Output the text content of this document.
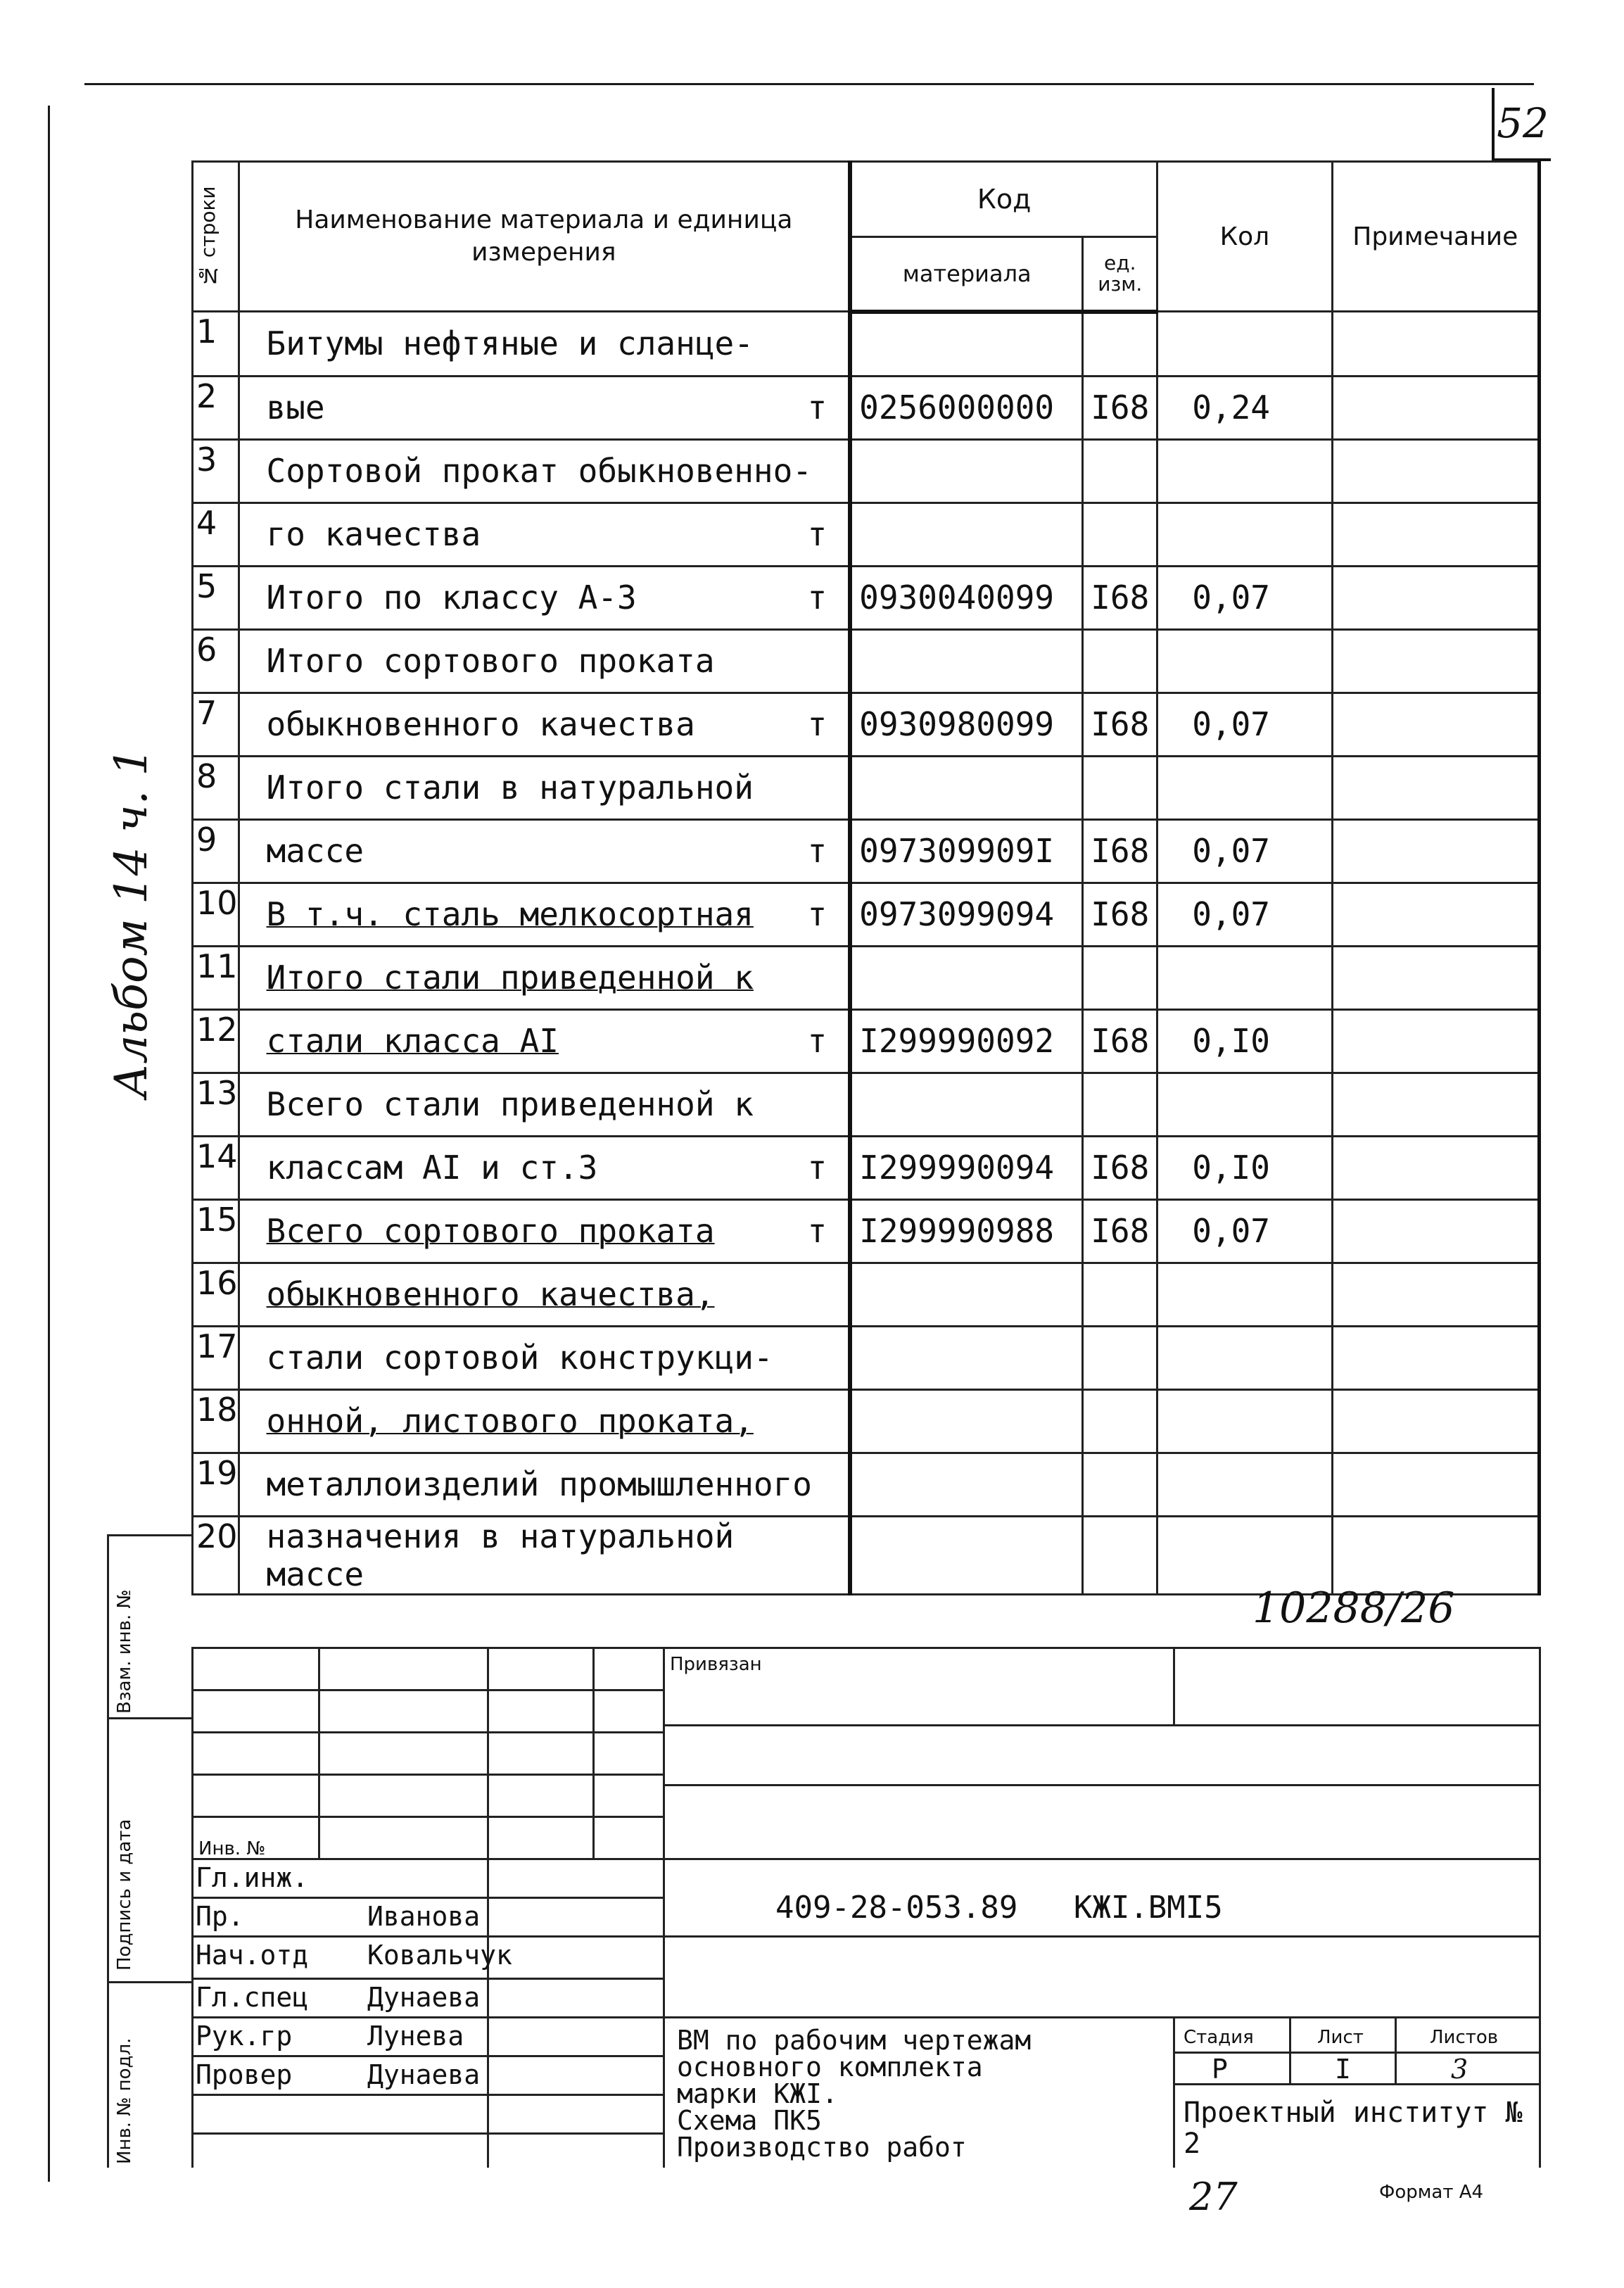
52
Альбом 14 ч. 1
№ строки	Наименование материала и единица измерения	Код		Кол	Примечание
		материала	ед. изм.		
1	Битумы нефтяные и сланце-

2	вые т	0256000000	I68	0,24	
3	Сортовой прокат обыкновенно-

4	го качества т				

5	Итого по классу А-3 т	0930040099	I68	0,07	
6	Итого сортового проката

7	обыкновенного качества т	0930980099	I68	0,07	
8	Итого стали в натуральной

9	массе т	097309909I	I68	0,07	
10	В т.ч. сталь мелкосортная т	0973099094	I68	0,07	
11	Итого стали приведенной к

12	стали класса AI т	I299990092	I68	0,I0	
13	Всего стали приведенной к

14	классам AI и ст.3 т	I299990094	I68	0,I0	
15	Всего сортового проката т	I299990988	I68	0,07	
16	обыкновенного качества,

17	стали сортовой конструкци-

18	онной, листового проката,

19	металлоизделий промышленного

20	назначения в натуральной массе

10288/26
Взам. инв. №
Подпись и дата
Инв. № подл.
Привязан
Инв. №
Гл.инж.
Пр.	Иванова
Нач.отд Ковальчук
Гл.спец Дунаева
Рук.гр	Лунева
Провер	Дунаева
409-28-053.89   КЖI.ВМI5
ВМ по рабочим чертежам
основного комплекта
марки КЖI.
Схема ПК5
Производство работ
Стадия	Лист	Листов
Р	I	3
Проектный институт № 2
27	Формат А4
